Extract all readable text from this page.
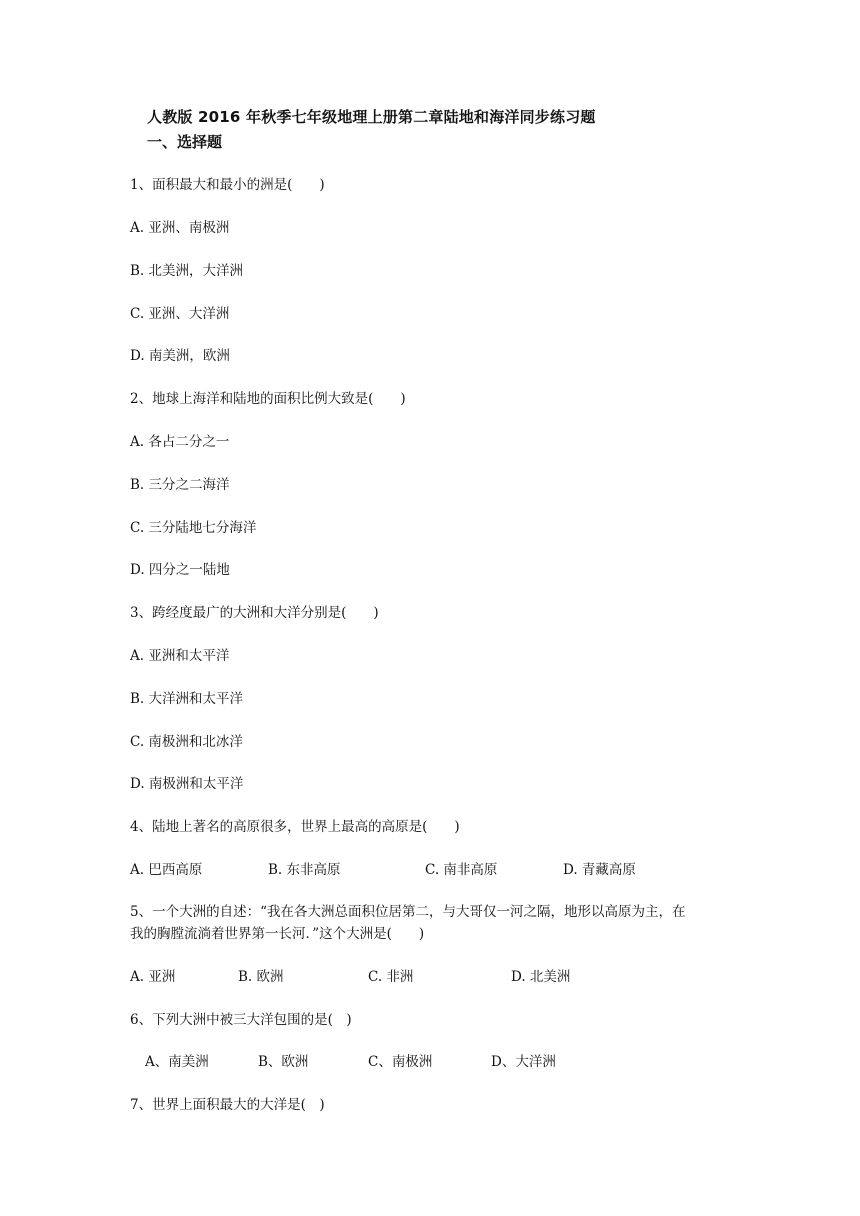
人教版 2016 年秋季七年级地理上册第二章陆地和海洋同步练习题
一、选择题
1、面积最大和最小的洲是(　　)
A. 亚洲、南极洲
B. 北美洲，大洋洲
C. 亚洲、大洋洲
D. 南美洲，欧洲
2、地球上海洋和陆地的面积比例大致是(　　)
A. 各占二分之一
B. 三分之二海洋
C. 三分陆地七分海洋
D. 四分之一陆地
3、跨经度最广的大洲和大洋分别是(　　)
A. 亚洲和太平洋
B. 大洋洲和太平洋
C. 南极洲和北冰洋
D. 南极洲和太平洋
4、陆地上著名的高原很多，世界上最高的高原是(　　)
A. 巴西高原	B. 东非高原	C. 南非高原	D. 青藏高原
5、一个大洲的自述：“我在各大洲总面积位居第二，与大哥仅一河之隔，地形以高原为主，在
我的胸膛流淌着世界第一长河．”这个大洲是(　　)
A. 亚洲	B. 欧洲	C. 非洲	D. 北美洲
6、下列大洲中被三大洋包围的是(　)
A、南美洲	B、欧洲	C、南极洲	D、大洋洲
7、世界上面积最大的大洋是(　)
